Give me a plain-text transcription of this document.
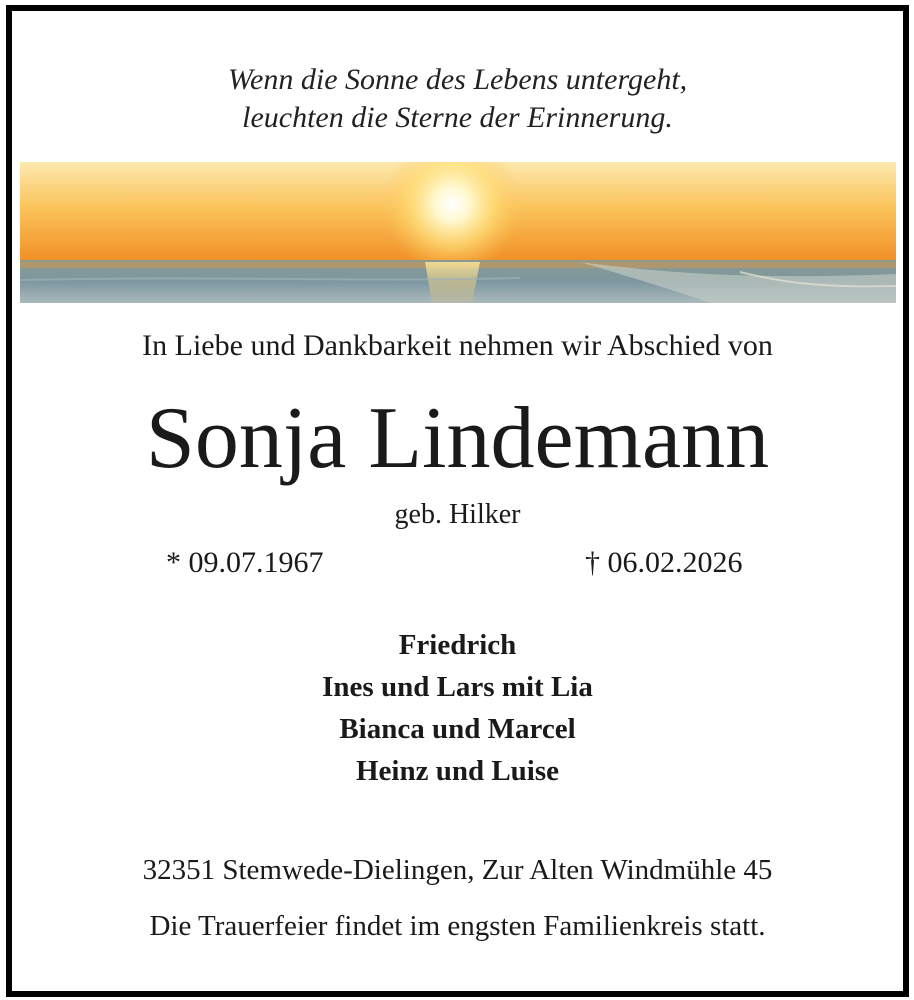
Wenn die Sonne des Lebens untergeht,
leuchten die Sterne der Erinnerung.
In Liebe und Dankbarkeit nehmen wir Abschied von
Sonja Lindemann
geb. Hilker
* 09.07.1967	† 06.02.2026
Friedrich
Ines und Lars mit Lia
Bianca und Marcel
Heinz und Luise
32351 Stemwede-Dielingen, Zur Alten Windmühle 45
Die Trauerfeier findet im engsten Familienkreis statt.
